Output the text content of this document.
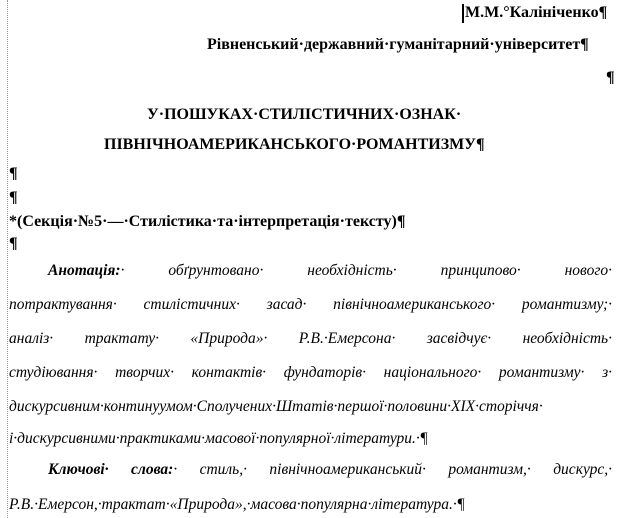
М.М.°Калініченко¶
Рівненський·державний·гуманітарний·університет¶
¶
У·ПОШУКАХ·СТИЛІСТИЧНИХ·ОЗНАК·
ПІВНІЧНОАМЕРИКАНСЬКОГО·РОМАНТИЗМУ¶
¶
¶
*(Секція·№5·—·Стилістика·та·інтерпретація·тексту)¶
¶
Анотація:· обґрунтовано· необхідність· принципово· нового·
потрактування· стилістичних· засад· північноамериканського· романтизму;·
аналіз· трактату· «Природа»· Р.В.·Емерсона· засвідчує· необхідність·
студіювання· творчих· контактів· фундаторів· національного· романтизму· з·
дискурсивним·континуумом·Сполучених·Штатів·першої·половини·XIX·сторіччя·
і·дискурсивними·практиками·масової·популярної·літератури.·¶
Ключові· слова:· стиль,· північноамериканський· романтизм,· дискурс,·
Р.В.·Емерсон,·трактат·«Природа»,·масова·популярна·література.·¶
